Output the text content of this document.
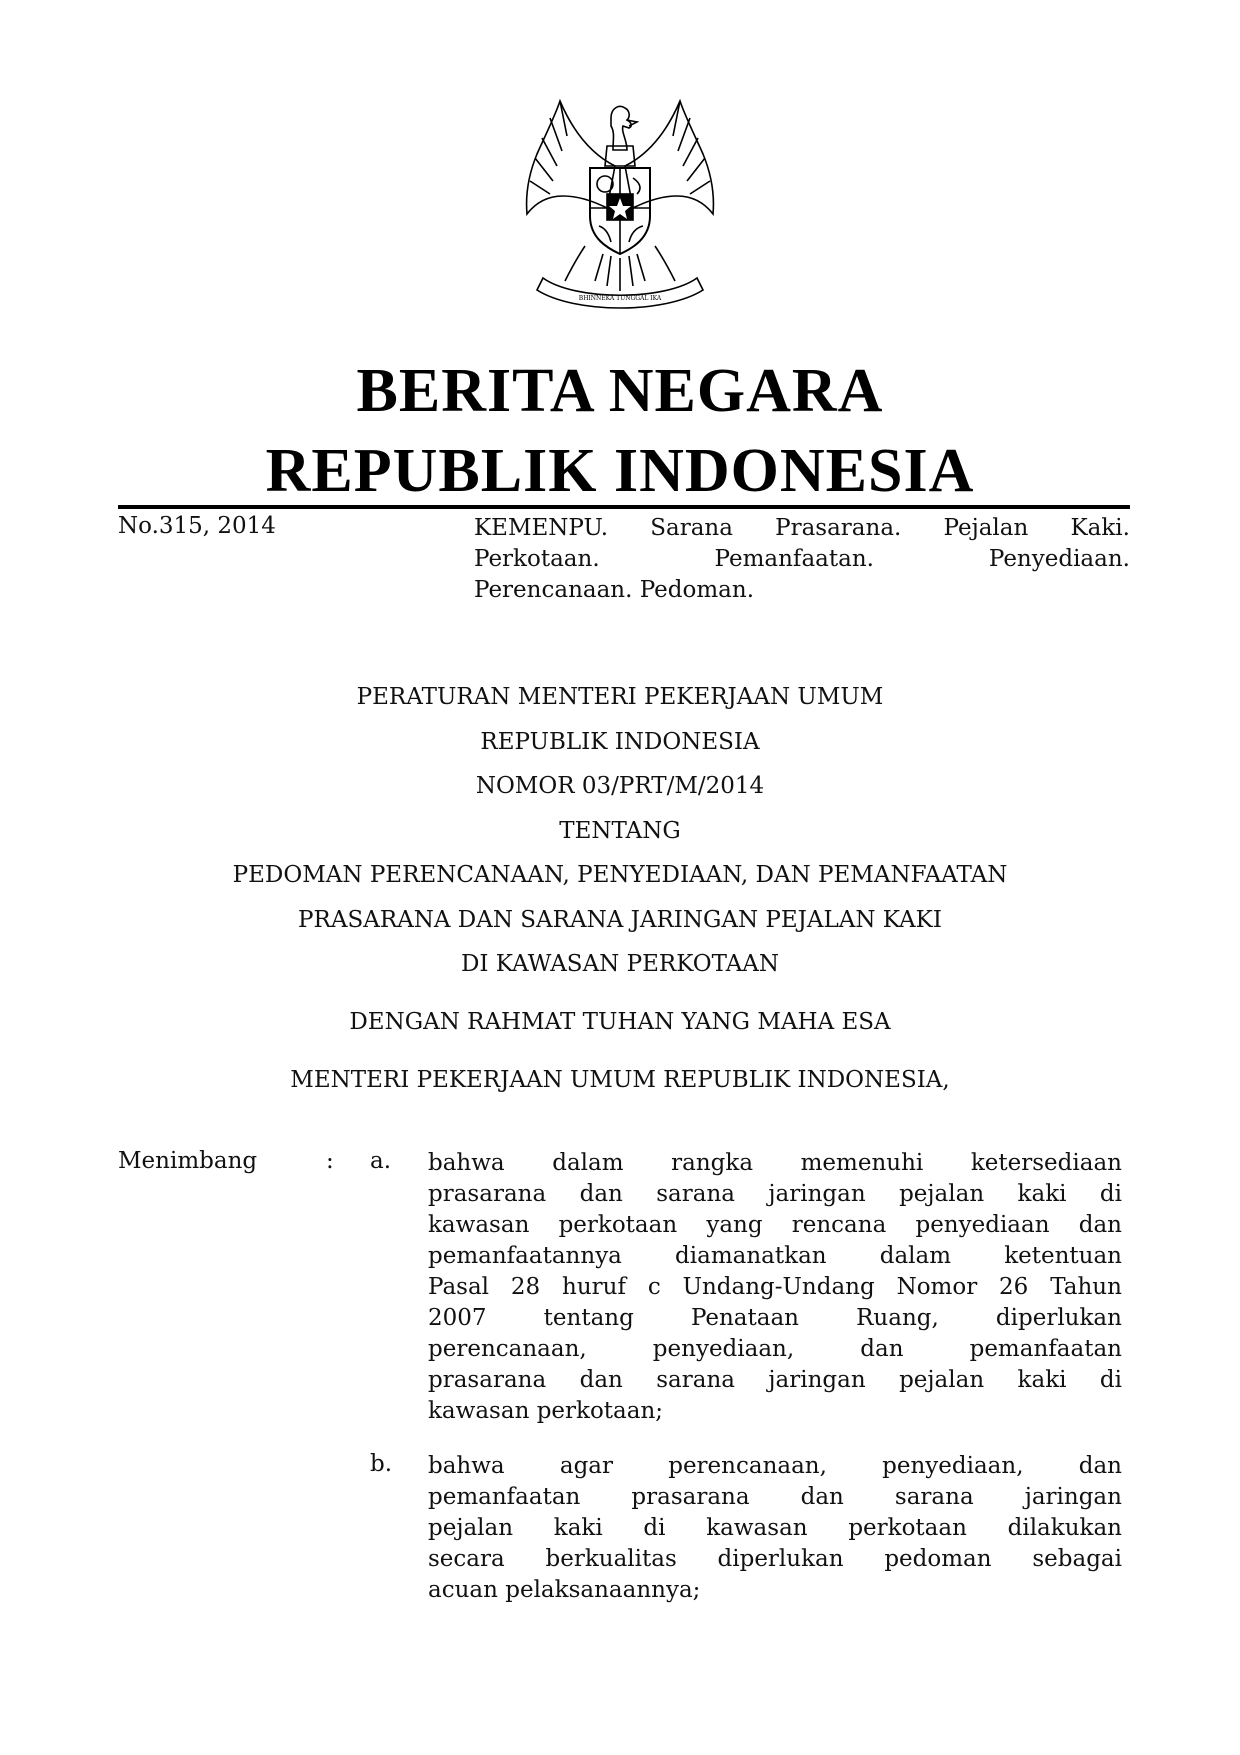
BHINNEKA TUNGGAL IKA
BERITA NEGARA
REPUBLIK INDONESIA
No.315, 2014	KEMENPU. Sarana Prasarana. Pejalan Kaki.
Perkotaan.	Pemanfaatan.	Penyediaan.
Perencanaan. Pedoman.
PERATURAN MENTERI PEKERJAAN UMUM
REPUBLIK INDONESIA
NOMOR 03/PRT/M/2014
TENTANG
PEDOMAN PERENCANAAN, PENYEDIAAN, DAN PEMANFAATAN
PRASARANA DAN SARANA JARINGAN PEJALAN KAKI
DI KAWASAN PERKOTAAN
DENGAN RAHMAT TUHAN YANG MAHA ESA
MENTERI PEKERJAAN UMUM REPUBLIK INDONESIA,
Menimbang	: a. bahwa dalam rangka memenuhi ketersediaan
prasarana dan sarana jaringan pejalan kaki di
kawasan perkotaan yang rencana penyediaan dan
pemanfaatannya diamanatkan dalam ketentuan
Pasal 28 huruf c Undang-Undang Nomor 26 Tahun
2007 tentang Penataan Ruang, diperlukan
perencanaan,	penyediaan,	dan	pemanfaatan
prasarana dan sarana jaringan pejalan kaki di
kawasan perkotaan;
b. bahwa agar perencanaan, penyediaan, dan
pemanfaatan prasarana dan sarana jaringan
pejalan kaki di kawasan perkotaan dilakukan
secara berkualitas diperlukan pedoman sebagai
acuan pelaksanaannya;
